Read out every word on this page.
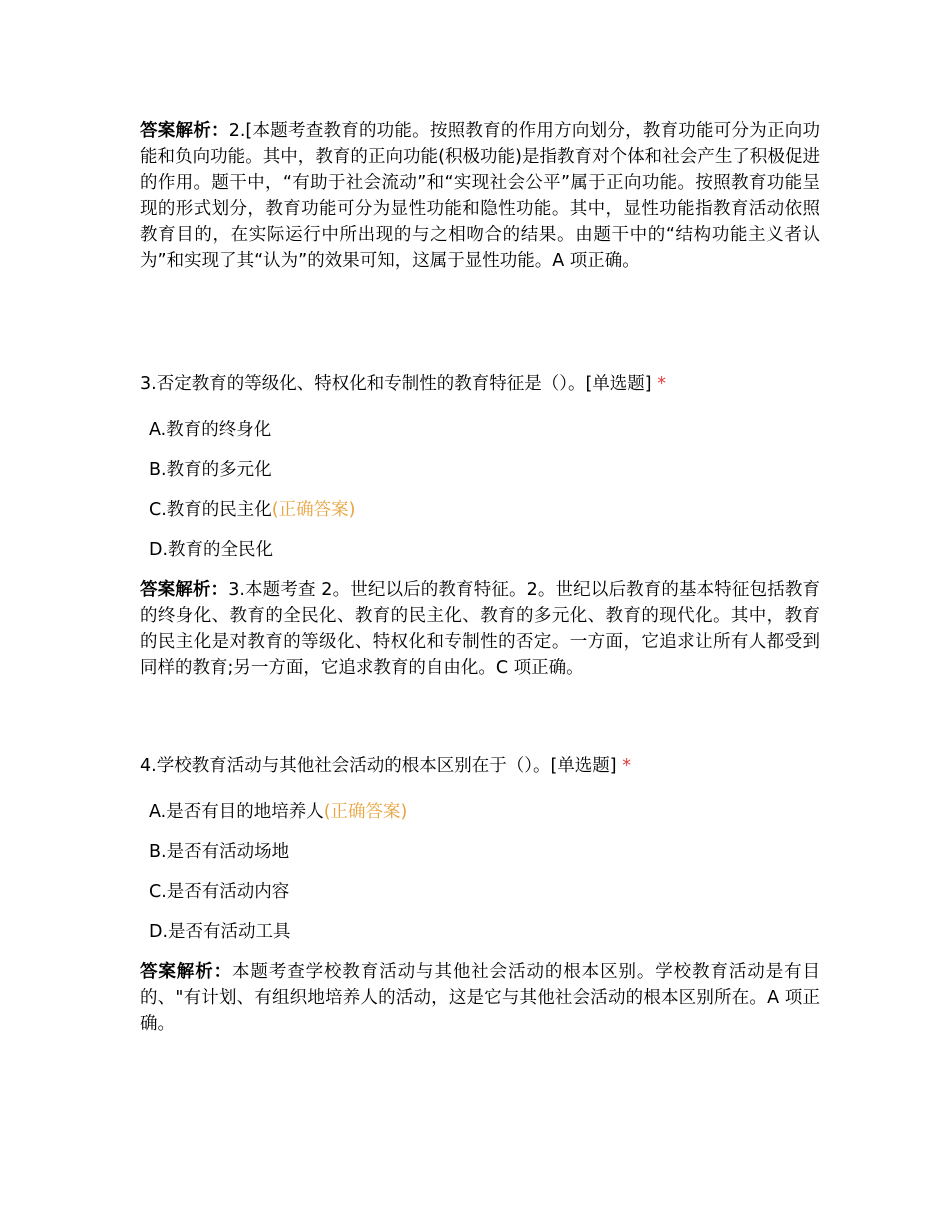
答案解析：2.[本题考查教育的功能。按照教育的作用方向划分，教育功能可分为正向功能和负向功能。其中，教育的正向功能(积极功能)是指教育对个体和社会产生了积极促进的作用。题干中，“有助于社会流动”和“实现社会公平”属于正向功能。按照教育功能呈现的形式划分，教育功能可分为显性功能和隐性功能。其中，显性功能指教育活动依照教育目的，在实际运行中所出现的与之相吻合的结果。由题干中的“结构功能主义者认为”和实现了其“认为”的效果可知，这属于显性功能。A 项正确。
3.否定教育的等级化、特权化和专制性的教育特征是（）。[单选题] *
A.教育的终身化
B.教育的多元化
C.教育的民主化(正确答案)
D.教育的全民化
答案解析：3.本题考查 2。世纪以后的教育特征。2。世纪以后教育的基本特征包括教育的终身化、教育的全民化、教育的民主化、教育的多元化、教育的现代化。其中，教育的民主化是对教育的等级化、特权化和专制性的否定。一方面，它追求让所有人都受到同样的教育;另一方面，它追求教育的自由化。C 项正确。
4.学校教育活动与其他社会活动的根本区别在于（）。[单选题] *
A.是否有目的地培养人(正确答案)
B.是否有活动场地
C.是否有活动内容
D.是否有活动工具
答案解析：本题考查学校教育活动与其他社会活动的根本区别。学校教育活动是有目的、"有计划、有组织地培养人的活动，这是它与其他社会活动的根本区别所在。A 项正确。
